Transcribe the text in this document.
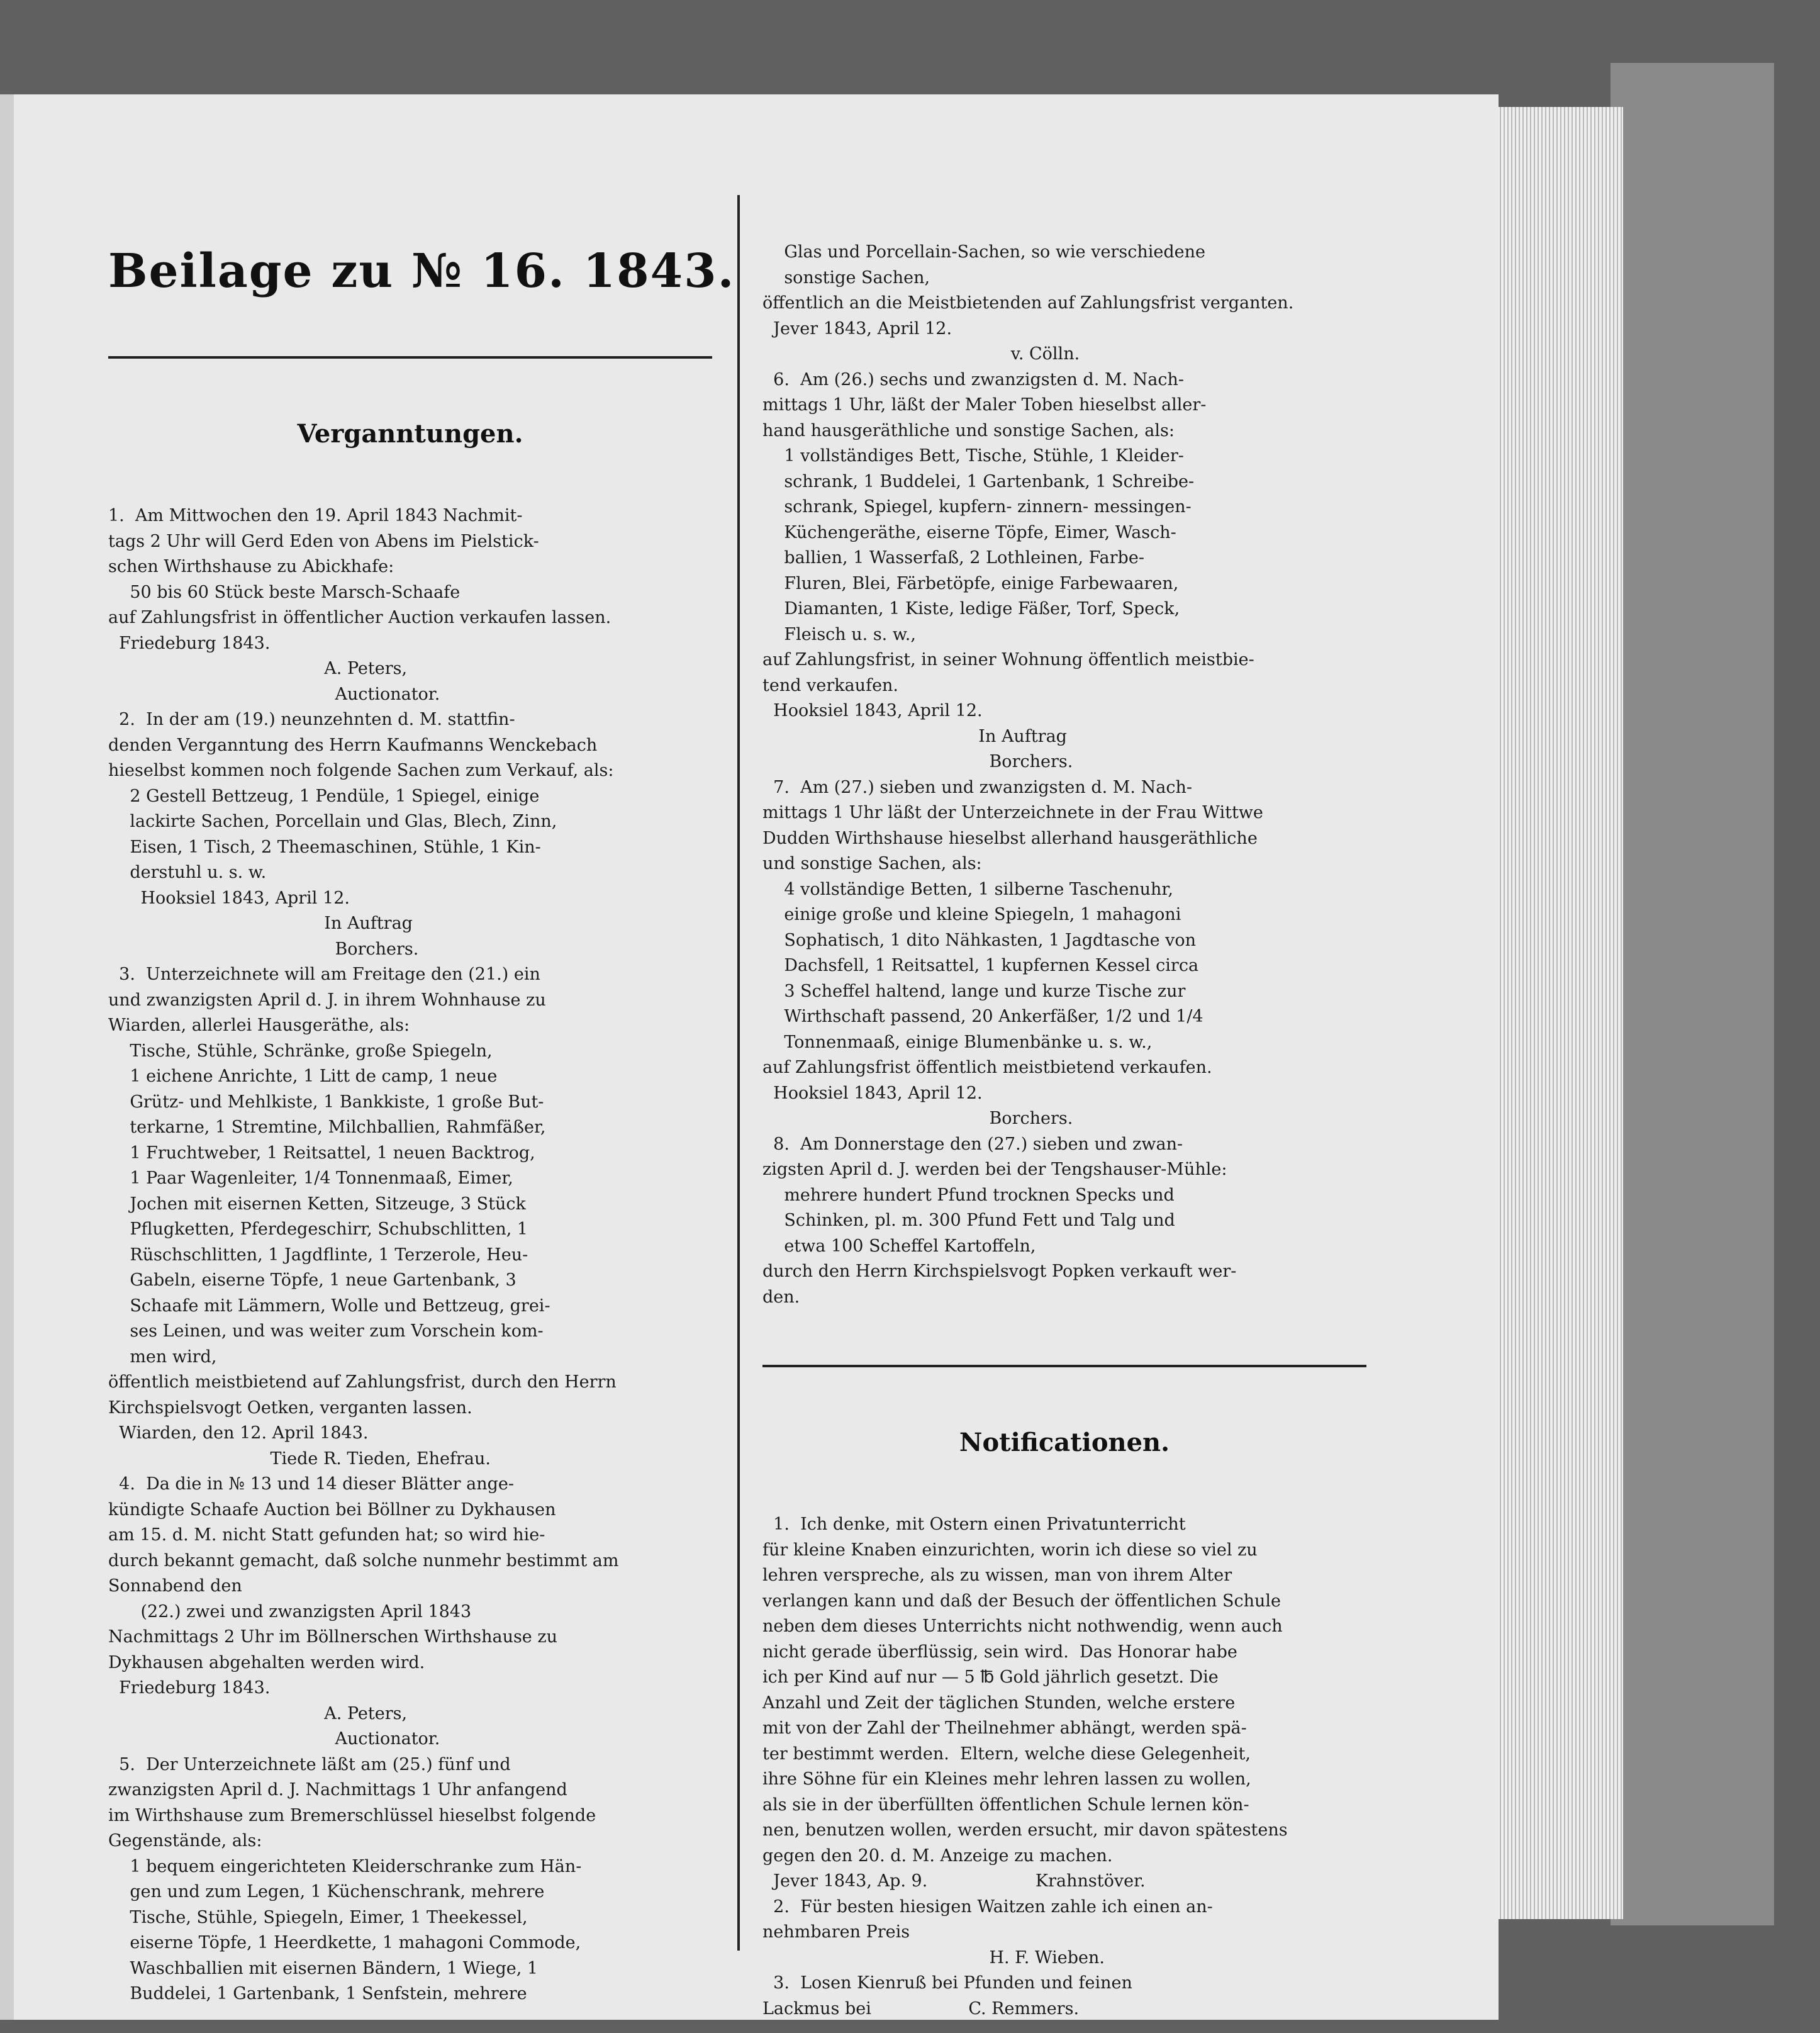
Beilage zu № 16. 1843.

Verganntungen.

1.  Am Mittwochen den 19. April 1843 Nachmit-
tags 2 Uhr will Gerd Eden von Abens im Pielstick-
schen Wirthshause zu Abickhafe:
50 bis 60 Stück beste Marsch-Schaafe
auf Zahlungsfrist in öffentlicher Auction verkaufen lassen.
Friedeburg 1843.
A. Peters,
Auctionator.
2.  In der am (19.) neunzehnten d. M. stattfin-
denden Verganntung des Herrn Kaufmanns Wenckebach
hieselbst kommen noch folgende Sachen zum Verkauf, als:
2 Gestell Bettzeug, 1 Pendüle, 1 Spiegel, einige
lackirte Sachen, Porcellain und Glas, Blech, Zinn,
Eisen, 1 Tisch, 2 Theemaschinen, Stühle, 1 Kin-
derstuhl u. s. w.
Hooksiel 1843, April 12.
In Auftrag
Borchers.
3.  Unterzeichnete will am Freitage den (21.) ein
und zwanzigsten April d. J. in ihrem Wohnhause zu
Wiarden, allerlei Hausgeräthe, als:
Tische, Stühle, Schränke, große Spiegeln,
1 eichene Anrichte, 1 Litt de camp, 1 neue
Grütz- und Mehlkiste, 1 Bankkiste, 1 große But-
terkarne, 1 Stremtine, Milchballien, Rahmfäßer,
1 Fruchtweber, 1 Reitsattel, 1 neuen Backtrog,
1 Paar Wagenleiter, 1/4 Tonnenmaaß, Eimer,
Jochen mit eisernen Ketten, Sitzeuge, 3 Stück
Pflugketten, Pferdegeschirr, Schubschlitten, 1
Rüschschlitten, 1 Jagdflinte, 1 Terzerole, Heu-
Gabeln, eiserne Töpfe, 1 neue Gartenbank, 3
Schaafe mit Lämmern, Wolle und Bettzeug, grei-
ses Leinen, und was weiter zum Vorschein kom-
men wird,
öffentlich meistbietend auf Zahlungsfrist, durch den Herrn
Kirchspielsvogt Oetken, verganten lassen.
Wiarden, den 12. April 1843.
Tiede R. Tieden, Ehefrau.
4.  Da die in № 13 und 14 dieser Blätter ange-
kündigte Schaafe Auction bei Böllner zu Dykhausen
am 15. d. M. nicht Statt gefunden hat; so wird hie-
durch bekannt gemacht, daß solche nunmehr bestimmt am
Sonnabend den
(22.) zwei und zwanzigsten April 1843
Nachmittags 2 Uhr im Böllnerschen Wirthshause zu
Dykhausen abgehalten werden wird.
Friedeburg 1843.
A. Peters,
Auctionator.
5.  Der Unterzeichnete läßt am (25.) fünf und
zwanzigsten April d. J. Nachmittags 1 Uhr anfangend
im Wirthshause zum Bremerschlüssel hieselbst folgende
Gegenstände, als:
1 bequem eingerichteten Kleiderschranke zum Hän-
gen und zum Legen, 1 Küchenschrank, mehrere
Tische, Stühle, Spiegeln, Eimer, 1 Theekessel,
eiserne Töpfe, 1 Heerdkette, 1 mahagoni Commode,
Waschballien mit eisernen Bändern, 1 Wiege, 1
Buddelei, 1 Gartenbank, 1 Senfstein, mehrere

Glas und Porcellain-Sachen, so wie verschiedene
sonstige Sachen,
öffentlich an die Meistbietenden auf Zahlungsfrist verganten.
Jever 1843, April 12.
v. Cölln.
6.  Am (26.) sechs und zwanzigsten d. M. Nach-
mittags 1 Uhr, läßt der Maler Toben hieselbst aller-
hand hausgeräthliche und sonstige Sachen, als:
1 vollständiges Bett, Tische, Stühle, 1 Kleider-
schrank, 1 Buddelei, 1 Gartenbank, 1 Schreibe-
schrank, Spiegel, kupfern- zinnern- messingen-
Küchengeräthe, eiserne Töpfe, Eimer, Wasch-
ballien, 1 Wasserfaß, 2 Lothleinen, Farbe-
Fluren, Blei, Färbetöpfe, einige Farbewaaren,
Diamanten, 1 Kiste, ledige Fäßer, Torf, Speck,
Fleisch u. s. w.,
auf Zahlungsfrist, in seiner Wohnung öffentlich meistbie-
tend verkaufen.
Hooksiel 1843, April 12.
In Auftrag
Borchers.
7.  Am (27.) sieben und zwanzigsten d. M. Nach-
mittags 1 Uhr läßt der Unterzeichnete in der Frau Wittwe
Dudden Wirthshause hieselbst allerhand hausgeräthliche
und sonstige Sachen, als:
4 vollständige Betten, 1 silberne Taschenuhr,
einige große und kleine Spiegeln, 1 mahagoni
Sophatisch, 1 dito Nähkasten, 1 Jagdtasche von
Dachsfell, 1 Reitsattel, 1 kupfernen Kessel circa
3 Scheffel haltend, lange und kurze Tische zur
Wirthschaft passend, 20 Ankerfäßer, 1/2 und 1/4
Tonnenmaaß, einige Blumenbänke u. s. w.,
auf Zahlungsfrist öffentlich meistbietend verkaufen.
Hooksiel 1843, April 12.
Borchers.
8.  Am Donnerstage den (27.) sieben und zwan-
zigsten April d. J. werden bei der Tengshauser-Mühle:
mehrere hundert Pfund trocknen Specks und
Schinken, pl. m. 300 Pfund Fett und Talg und
etwa 100 Scheffel Kartoffeln,
durch den Herrn Kirchspielsvogt Popken verkauft wer-
den.

Notificationen.

1.  Ich denke, mit Ostern einen Privatunterricht
für kleine Knaben einzurichten, worin ich diese so viel zu
lehren verspreche, als zu wissen, man von ihrem Alter
verlangen kann und daß der Besuch der öffentlichen Schule
neben dem dieses Unterrichts nicht nothwendig, wenn auch
nicht gerade überflüssig, sein wird.  Das Honorar habe
ich per Kind auf nur — 5 ℔ Gold jährlich gesetzt. Die
Anzahl und Zeit der täglichen Stunden, welche erstere
mit von der Zahl der Theilnehmer abhängt, werden spä-
ter bestimmt werden.  Eltern, welche diese Gelegenheit,
ihre Söhne für ein Kleines mehr lehren lassen zu wollen,
als sie in der überfüllten öffentlichen Schule lernen kön-
nen, benutzen wollen, werden ersucht, mir davon spätestens
gegen den 20. d. M. Anzeige zu machen.
Jever 1843, Ap. 9.                    Krahnstöver.
2.  Für besten hiesigen Waitzen zahle ich einen an-
nehmbaren Preis
H. F. Wieben.
3.  Losen Kienruß bei Pfunden und feinen
Lackmus bei                  C. Remmers.
